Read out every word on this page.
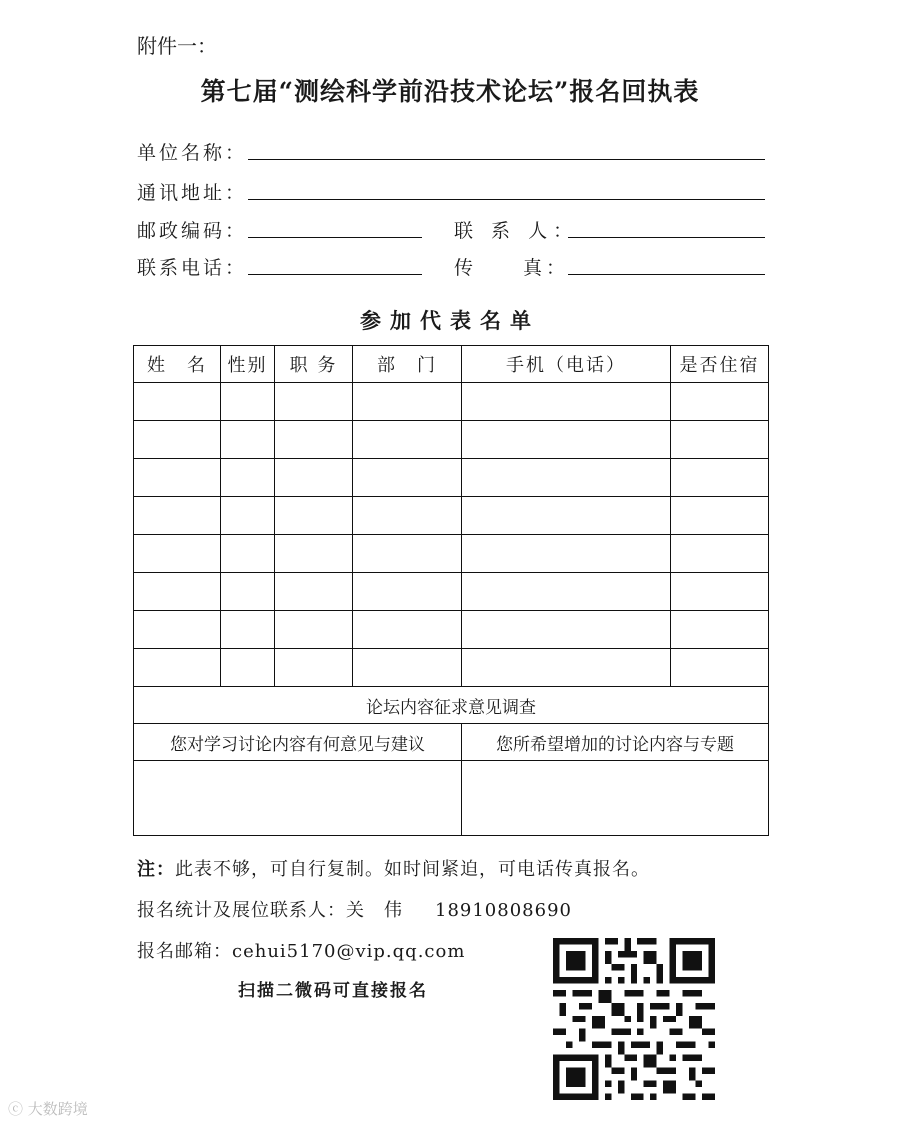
附件一：
第七届“测绘科学前沿技术论坛”报名回执表
单位名称：
通讯地址：
邮政编码：	联 系 人：
联系电话：	传　　真：
参加代表名单
姓　名	性别	职 务	部　门	手机（电话）	是否住宿

论坛内容征求意见调查					
您对学习讨论内容有何意见与建议				您所希望增加的讨论内容与专题	

注：此表不够，可自行复制。如时间紧迫，可电话传真报名。
报名统计及展位联系人：关　伟 18910808690
报名邮箱：cehui5170@vip.qq.com
扫描二微码可直接报名
ⓒ 大数跨境
